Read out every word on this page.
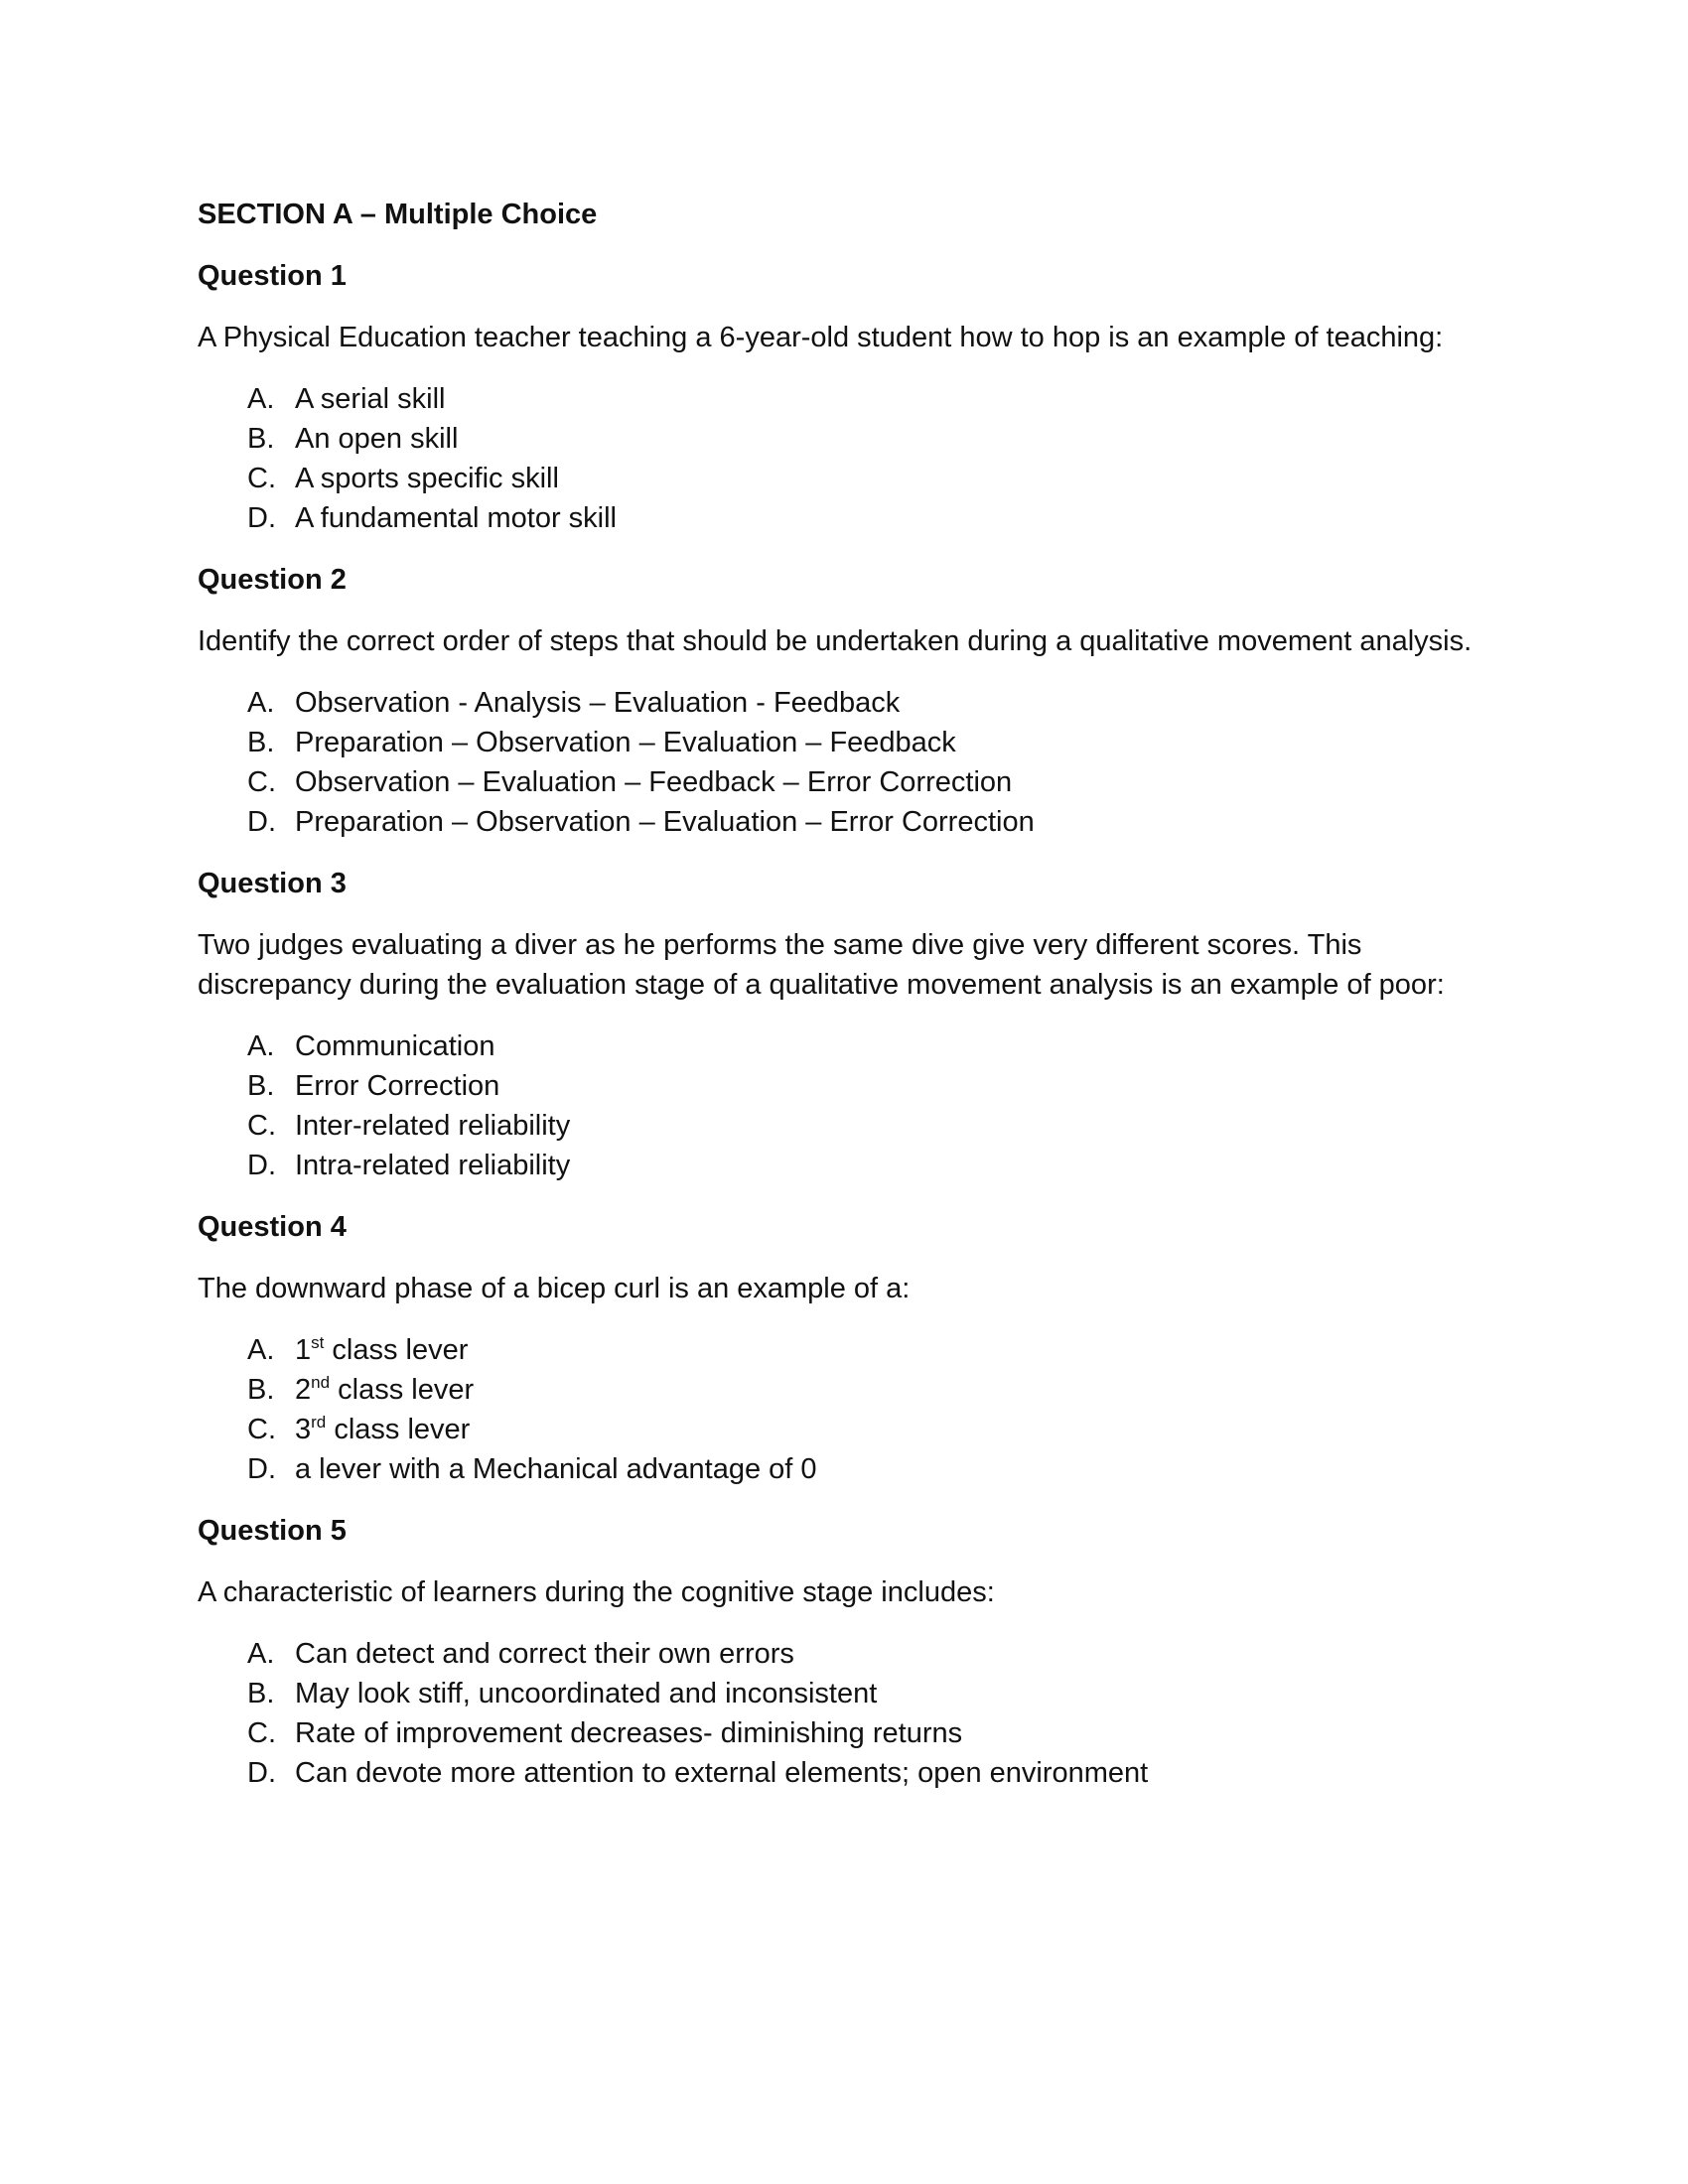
SECTION A – Multiple Choice
Question 1
A Physical Education teacher teaching a 6-year-old student how to hop is an example of teaching:
A. A serial skill
B. An open skill
C. A sports specific skill
D. A fundamental motor skill
Question 2
Identify the correct order of steps that should be undertaken during a qualitative movement analysis.
A. Observation - Analysis – Evaluation - Feedback
B. Preparation – Observation – Evaluation – Feedback
C. Observation – Evaluation – Feedback – Error Correction
D. Preparation – Observation – Evaluation – Error Correction
Question 3
Two judges evaluating a diver as he performs the same dive give very different scores. This discrepancy during the evaluation stage of a qualitative movement analysis is an example of poor:
A. Communication
B. Error Correction
C. Inter-related reliability
D. Intra-related reliability
Question 4
The downward phase of a bicep curl is an example of a:
A. 1st class lever
B. 2nd class lever
C. 3rd class lever
D. a lever with a Mechanical advantage of 0
Question 5
A characteristic of learners during the cognitive stage includes:
A. Can detect and correct their own errors
B. May look stiff, uncoordinated and inconsistent
C. Rate of improvement decreases- diminishing returns
D. Can devote more attention to external elements; open environment
